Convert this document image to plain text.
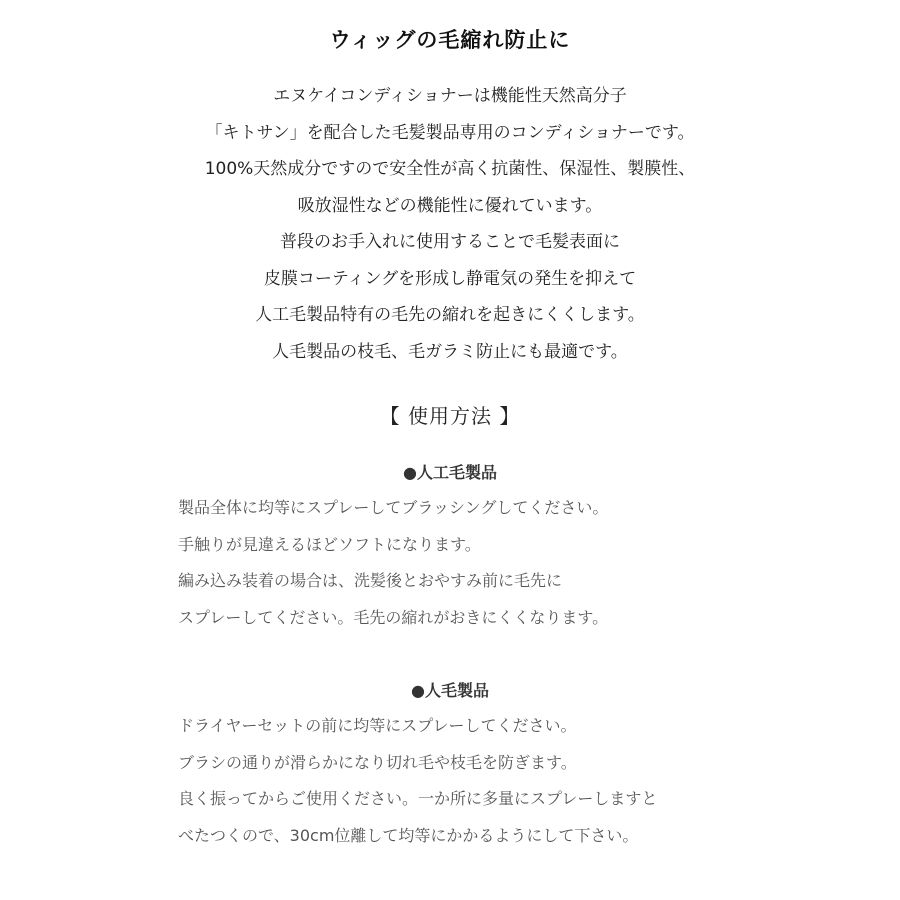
ウィッグの毛縮れ防止に
エヌケイコンディショナーは機能性天然高分子
「キトサン」を配合した毛髪製品専用のコンディショナーです。
100%天然成分ですので安全性が高く抗菌性、保湿性、製膜性、
吸放湿性などの機能性に優れています。
普段のお手入れに使用することで毛髪表面に
皮膜コーティングを形成し静電気の発生を抑えて
人工毛製品特有の毛先の縮れを起きにくくします。
人毛製品の枝毛、毛ガラミ防止にも最適です。
【 使用方法 】
●人工毛製品
製品全体に均等にスプレーしてブラッシングしてください。
手触りが見違えるほどソフトになります。
編み込み装着の場合は、洗髪後とおやすみ前に毛先に
スプレーしてください。毛先の縮れがおきにくくなります。
●人毛製品
ドライヤーセットの前に均等にスプレーしてください。
ブラシの通りが滑らかになり切れ毛や枝毛を防ぎます。
良く振ってからご使用ください。一か所に多量にスプレーしますと
べたつくので、30cm位離して均等にかかるようにして下さい。
